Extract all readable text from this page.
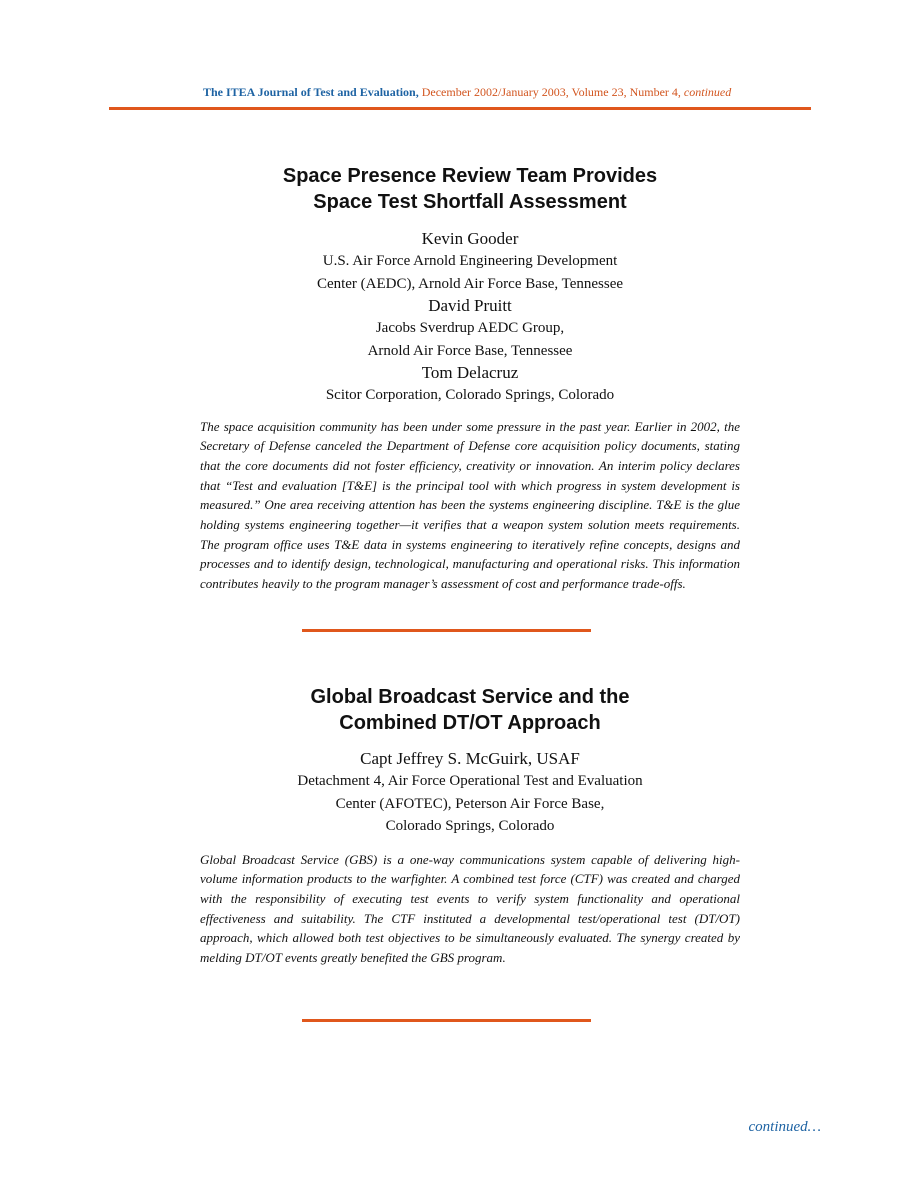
The ITEA Journal of Test and Evaluation, December 2002/January 2003, Volume 23, Number 4, continued
Space Presence Review Team Provides
Space Test Shortfall Assessment
Kevin Gooder
U.S. Air Force Arnold Engineering Development
Center (AEDC), Arnold Air Force Base, Tennessee
David Pruitt
Jacobs Sverdrup AEDC Group,
Arnold Air Force Base, Tennessee
Tom Delacruz
Scitor Corporation, Colorado Springs, Colorado

The space acquisition community has been under some pressure in the past year. Earlier in 2002, the Secretary of Defense canceled the Department of Defense core acquisition policy documents, stating that the core documents did not foster efficiency, creativity or innovation. An interim policy declares that “Test and evaluation [T&E] is the principal tool with which progress in system development is measured.” One area receiving attention has been the systems engineering discipline. T&E is the glue holding systems engineering together—it verifies that a weapon system solution meets requirements. The program office uses T&E data in systems engineering to iteratively refine concepts, designs and processes and to identify design, technological, manufacturing and operational risks. This information contributes heavily to the program manager’s assessment of cost and performance trade-offs.

Global Broadcast Service and the
Combined DT/OT Approach
Capt Jeffrey S. McGuirk, USAF
Detachment 4, Air Force Operational Test and Evaluation
Center (AFOTEC), Peterson Air Force Base,
Colorado Springs, Colorado

Global Broadcast Service (GBS) is a one-way communications system capable of delivering high-volume information products to the warfighter. A combined test force (CTF) was created and charged with the responsibility of executing test events to verify system functionality and operational effectiveness and suitability. The CTF instituted a developmental test/operational test (DT/OT) approach, which allowed both test objectives to be simultaneously evaluated. The synergy created by melding DT/OT events greatly benefited the GBS program.

continued…
